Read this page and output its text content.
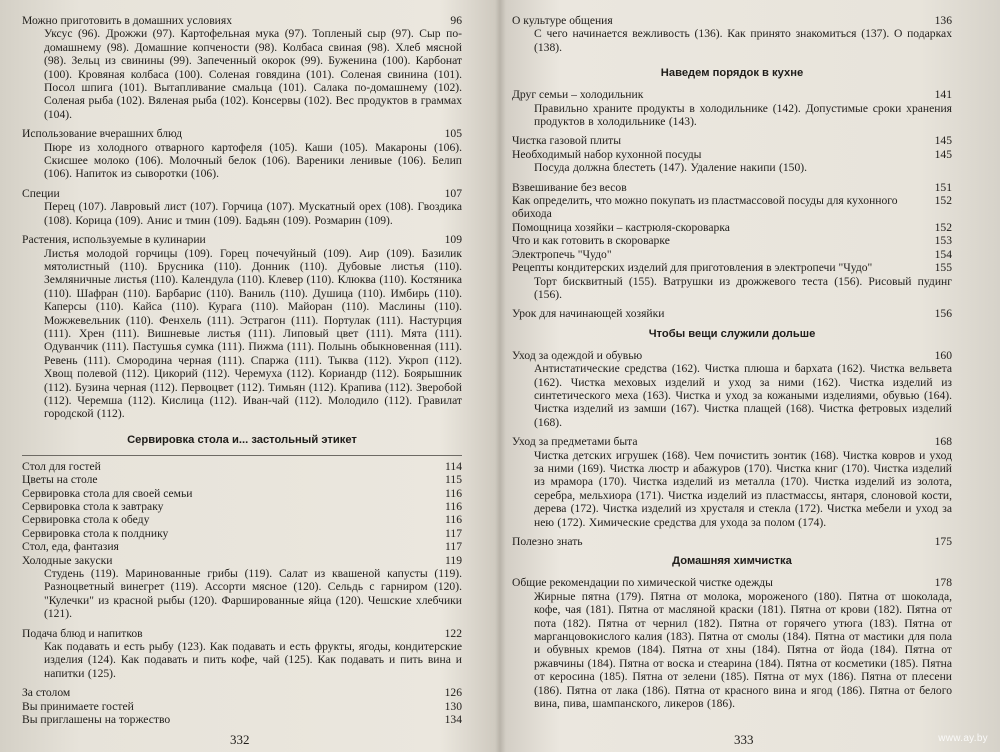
Можно приготовить в домашних условиях	96
Уксус (96). Дрожжи (97). Картофельная мука (97). Топленый сыр (97). Сыр по-домашнему (98). Домашние копчености (98). Колбаса свиная (98). Хлеб мясной (98). Зельц из свинины (99). Запеченный окорок (99). Буженина (100). Карбонат (100). Кровяная колбаса (100). Соленая говядина (101). Соленая свинина (101). Посол шпига (101). Вытапливание смальца (101). Салака по-домашнему (102). Соленая рыба (102). Вяленая рыба (102). Консервы (102). Вес продуктов в граммах (104).
Использование вчерашних блюд	105
Пюре из холодного отварного картофеля (105). Каши (105). Макароны (106). Скисшее молоко (106). Молочный белок (106). Вареники ленивые (106). Белип (106). Напиток из сыворотки (106).
Специи	107
Перец (107). Лавровый лист (107). Горчица (107). Мускатный орех (108). Гвоздика (108). Корица (109). Анис и тмин (109). Бадьян (109). Розмарин (109).
Растения, используемые в кулинарии	109
Листья молодой горчицы (109). Горец почечуйный (109). Аир (109). Базилик мятолистный (110). Брусника (110). Донник (110). Дубовые листья (110). Земляничные листья (110). Календула (110). Клевер (110). Клюква (110). Костяника (110). Шафран (110). Барбарис (110). Ваниль (110). Душица (110). Имбирь (110). Каперсы (110). Кайса (110). Курага (110). Майоран (110). Маслины (110). Можжевельник (110). Фенхель (111). Эстрагон (111). Портулак (111). Настурция (111). Хрен (111). Вишневые листья (111). Липовый цвет (111). Мята (111). Одуванчик (111). Пастушья сумка (111). Пижма (111). Полынь обыкновенная (111). Ревень (111). Смородина черная (111). Спаржа (111). Тыква (112). Укроп (112). Хвощ полевой (112). Цикорий (112). Черемуха (112). Кориандр (112). Боярышник (112). Бузина черная (112). Первоцвет (112). Тимьян (112). Крапива (112). Зверобой (112). Черемша (112). Кислица (112). Иван-чай (112). Молодило (112). Гравилат городской (112).
Сервировка стола и... застольный этикет
Стол для гостей	114
Цветы на столе	115
Сервировка стола для своей семьи	116
Сервировка стола к завтраку	116
Сервировка стола к обеду	116
Сервировка стола к полднику	117
Стол, еда, фантазия	117
Холодные закуски	119
Студень (119). Маринованные грибы (119). Салат из квашеной капусты (119). Разноцветный винегрет (119). Ассорти мясное (120). Сельдь с гарниром (120). "Кулечки" из красной рыбы (120). Фаршированные яйца (120). Чешские хлебчики (121).
Подача блюд и напитков	122
Как подавать и есть рыбу (123). Как подавать и есть фрукты, ягоды, кондитерские изделия (124). Как подавать и пить кофе, чай (125). Как подавать и пить вина и напитки (125).
За столом	126
Вы принимаете гостей	130
Вы приглашены на торжество	134
332
О культуре общения	136
С чего начинается вежливость (136). Как принято знакомиться (137). О подарках (138).
Наведем порядок в кухне
Друг семьи – холодильник	141
Правильно храните продукты в холодильнике (142). Допустимые сроки хранения продуктов в холодильнике (143).
Чистка газовой плиты	145
Необходимый набор кухонной посуды	145
Посуда должна блестеть (147). Удаление накипи (150).
Взвешивание без весов	151
Как определить, что можно покупать из пластмассовой посуды для кухонного обихода
152
Помощница хозяйки – кастрюля-скороварка	152
Что и как готовить в скороварке	153
Электропечь "Чудо"	154
Рецепты кондитерских изделий для приготовления в электропечи "Чудо"	155
Торт бисквитный (155). Ватрушки из дрожжевого теста (156). Рисовый пудинг (156).
Урок для начинающей хозяйки	156
Чтобы вещи служили дольше
Уход за одеждой и обувью	160
Антистатические средства (162). Чистка плюша и бархата (162). Чистка вельвета (162). Чистка меховых изделий и уход за ними (162). Чистка изделий из синтетического меха (163). Чистка и уход за кожаными изделиями, обувью (164). Чистка изделий из замши (167). Чистка плащей (168). Чистка фетровых изделий (168).
Уход за предметами быта	168
Чистка детских игрушек (168). Чем почистить зонтик (168). Чистка ковров и уход за ними (169). Чистка люстр и абажуров (170). Чистка книг (170). Чистка изделий из мрамора (170). Чистка изделий из металла (170). Чистка изделий из золота, серебра, мельхиора (171). Чистка изделий из пластмассы, янтаря, слоновой кости, дерева (172). Чистка изделий из хрусталя и стекла (172). Чистка мебели и уход за нею (172). Химические средства для ухода за полом (174).
Полезно знать	175
Домашняя химчистка
Общие рекомендации по химической чистке одежды	178
Жирные пятна (179). Пятна от молока, мороженого (180). Пятна от шоколада, кофе, чая (181). Пятна от масляной краски (181). Пятна от крови (182). Пятна от пота (182). Пятна от чернил (182). Пятна от горячего утюга (183). Пятна от марганцовокислого калия (183). Пятна от смолы (184). Пятна от мастики для пола и обувных кремов (184). Пятна от хны (184). Пятна от йода (184). Пятна от ржавчины (184). Пятна от воска и стеарина (184). Пятна от косметики (185). Пятна от керосина (185). Пятна от зелени (185). Пятна от мух (186). Пятна от плесени (186). Пятна от лака (186). Пятна от красного вина и ягод (186). Пятна от белого вина, пива, шампанского, ликеров (186).
333	www.ay.by
